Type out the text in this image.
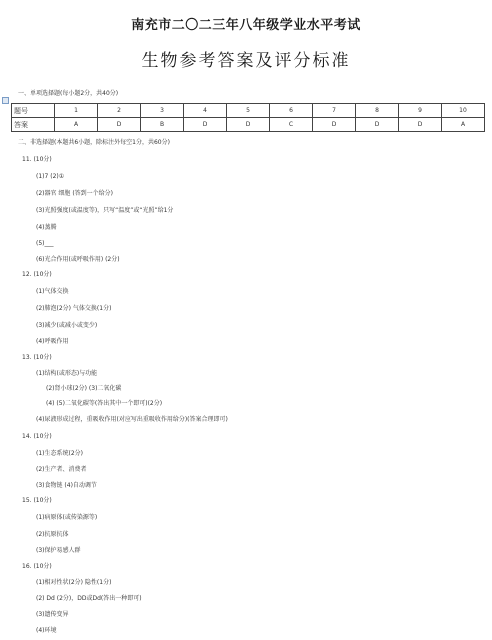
南充市二〇二三年八年级学业水平考试
生物参考答案及评分标准
一、单项选择题(每小题2分，共40分)
题号	1	2	3	4	5	6	7	8	9	10
答案	A	D	B	D	D	C	D	D	D	A
二、非选择题(本题共6小题，除标注外每空1分，共60分)
11. (10分)
(1)7 (2)①
(2)器官 细胞 (答到一个给分)
(3)光照强度(或温度等)，只写“温度”或“光照”给1分
(4)蒸腾
(5)___
(6)光合作用(或呼吸作用) (2分)
12. (10分)
(1)气体交换
(2)肺泡(2分) 气体交换(1分)
(3)减少(或减小或变少)
(4)呼吸作用
13. (10分)
(1)结构(或形态)与功能
(2)肾小球(2分) (3)二氧化碳
(4) (5)二氧化碳等(答出其中一个即可)(2分)
(4)尿液形成过程，重吸收作用(对应写出重吸收作用给分)(答案合理即可)
14. (10分)
(1)生态系统(2分)
(2)生产者、消费者
(3)食物链 (4)自动调节
15. (10分)
(1)病原体(或传染源等)
(2)抗原抗体
(3)保护易感人群
16. (10分)
(1)相对性状(2分) 隐性(1分)
(2) Dd (2分)，DD或Dd(答出一种即可)
(3)遗传变异
(4)环境
